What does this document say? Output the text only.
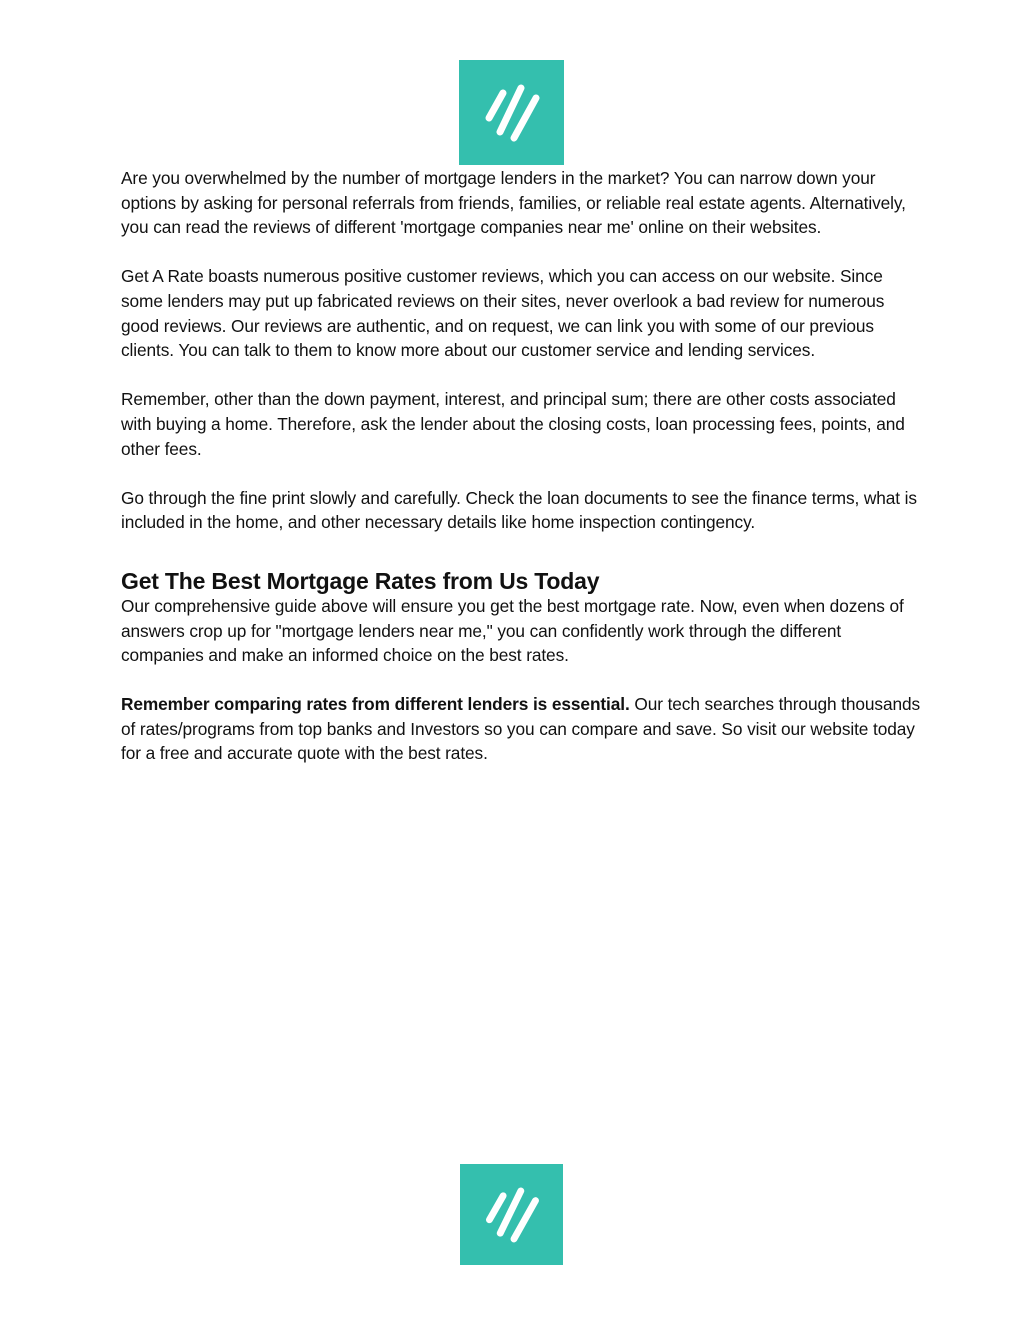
Are you overwhelmed by the number of mortgage lenders in the market? You can narrow down your options by asking for personal referrals from friends, families, or reliable real estate agents. Alternatively, you can read the reviews of different 'mortgage companies near me' online on their websites.

Get A Rate boasts numerous positive customer reviews, which you can access on our website. Since some lenders may put up fabricated reviews on their sites, never overlook a bad review for numerous good reviews. Our reviews are authentic, and on request, we can link you with some of our previous clients. You can talk to them to know more about our customer service and lending services.

Remember, other than the down payment, interest, and principal sum; there are other costs associated with buying a home. Therefore, ask the lender about the closing costs, loan processing fees, points, and other fees.

Go through the fine print slowly and carefully. Check the loan documents to see the finance terms, what is included in the home, and other necessary details like home inspection contingency.

Get The Best Mortgage Rates from Us Today

Our comprehensive guide above will ensure you get the best mortgage rate. Now, even when dozens of answers crop up for "mortgage lenders near me," you can confidently work through the different companies and make an informed choice on the best rates.

Remember comparing rates from different lenders is essential. Our tech searches through thousands of rates/programs from top banks and Investors so you can compare and save. So visit our website today for a free and accurate quote with the best rates.
